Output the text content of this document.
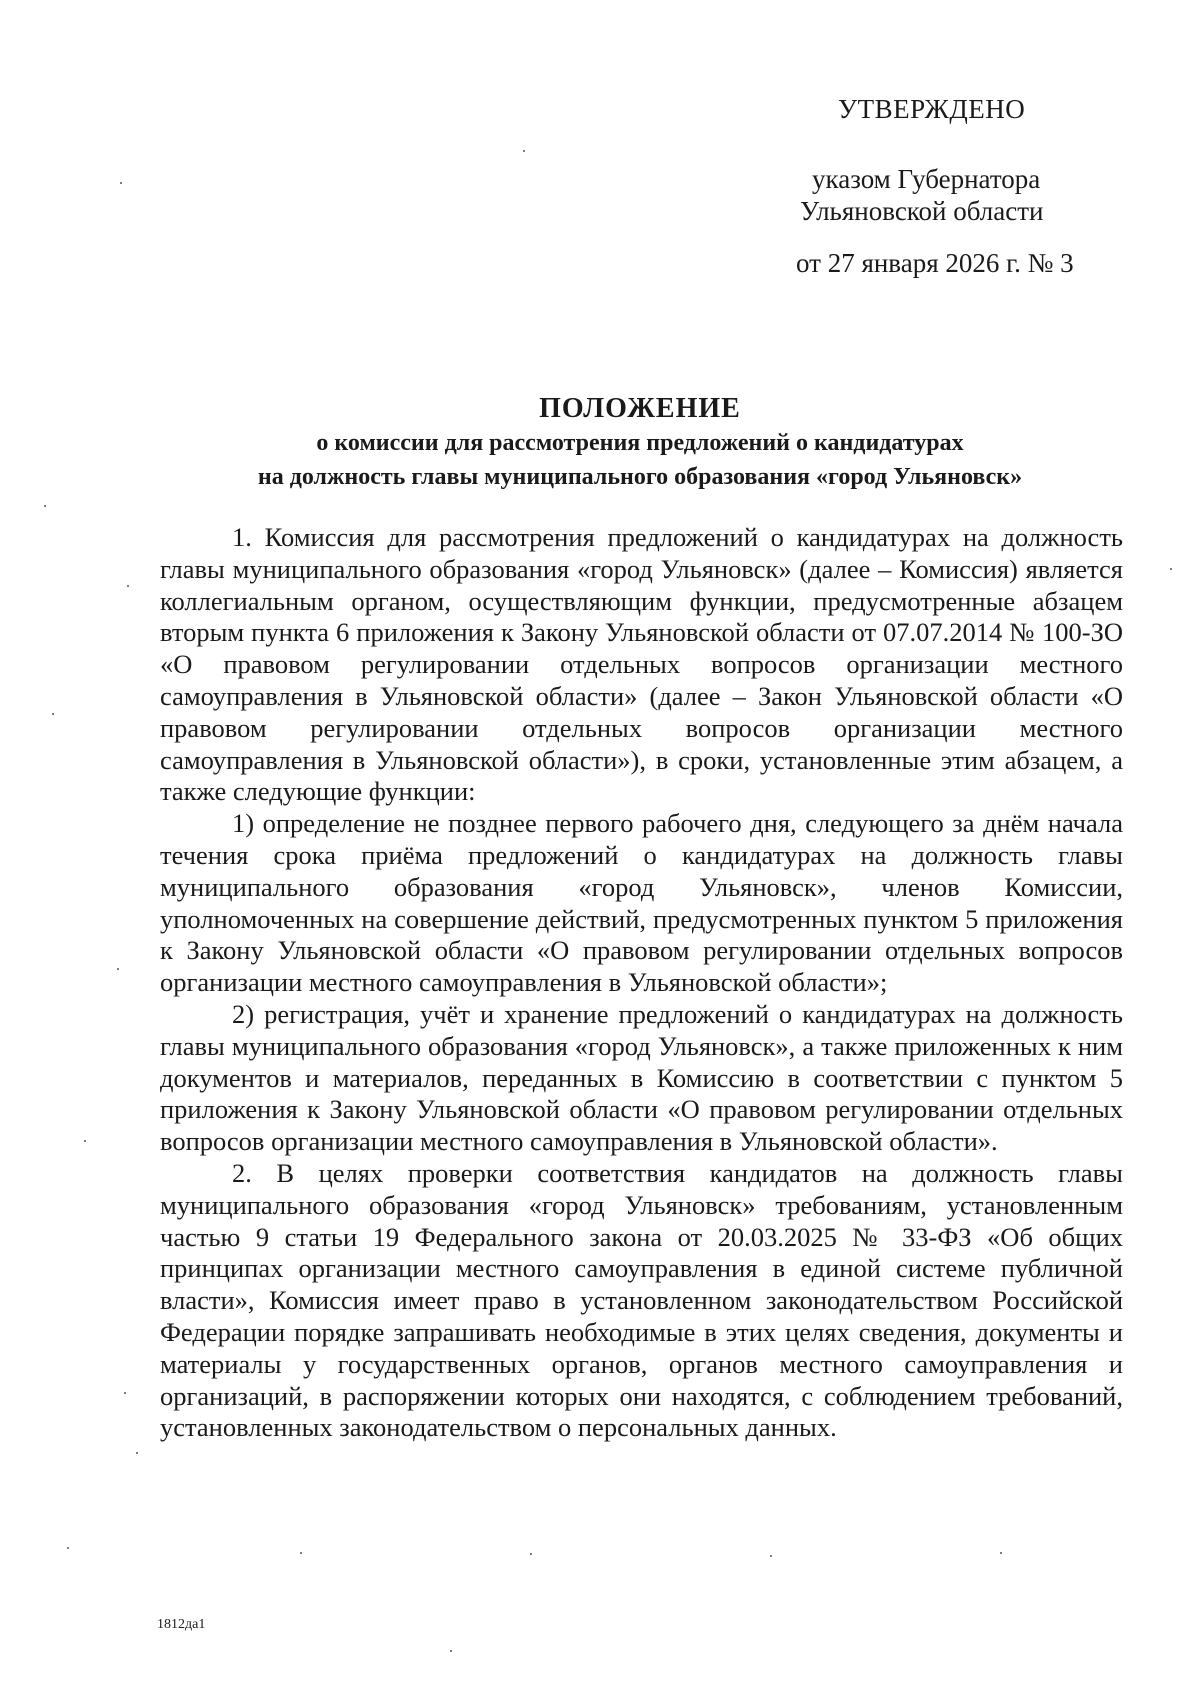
УТВЕРЖДЕНО
указом Губернатора
Ульяновской области
от 27 января 2026 г. № 3
ПОЛОЖЕНИЕ
о комиссии для рассмотрения предложений о кандидатурах
на должность главы муниципального образования «город Ульяновск»

1. Комиссия для рассмотрения предложений о кандидатурах на должность главы муниципального образования «город Ульяновск» (далее – Комиссия) является коллегиальным органом, осуществляющим функции, предусмотренные абзацем вторым пункта 6 приложения к Закону Ульяновской области от 07.07.2014 № 100-ЗО «О правовом регулировании отдельных вопросов организации местного самоуправления в Ульяновской области» (далее – Закон Ульяновской области «О правовом регулировании отдельных вопросов организации местного самоуправления в Ульяновской области»), в сроки, установленные этим абзацем, а также следующие функции:

1) определение не позднее первого рабочего дня, следующего за днём начала течения срока приёма предложений о кандидатурах на должность главы муниципального образования «город Ульяновск», членов Комиссии, уполномоченных на совершение действий, предусмотренных пунктом 5 приложения к Закону Ульяновской области «О правовом регулировании отдельных вопросов организации местного самоуправления в Ульяновской области»;

2) регистрация, учёт и хранение предложений о кандидатурах на должность главы муниципального образования «город Ульяновск», а также приложенных к ним документов и материалов, переданных в Комиссию в соответствии с пунктом 5 приложения к Закону Ульяновской области «О правовом регулировании отдельных вопросов организации местного самоуправления в Ульяновской области».

2. В целях проверки соответствия кандидатов на должность главы муниципального образования «город Ульяновск» требованиям, установленным частью 9 статьи 19 Федерального закона от 20.03.2025 № 33-ФЗ «Об общих принципах организации местного самоуправления в единой системе публичной власти», Комиссия имеет право в установленном законодательством Российской Федерации порядке запрашивать необходимые в этих целях сведения, документы и материалы у государственных органов, органов местного самоуправления и организаций, в распоряжении которых они находятся, с соблюдением требований, установленных законодательством о персональных данных.

1812да1
